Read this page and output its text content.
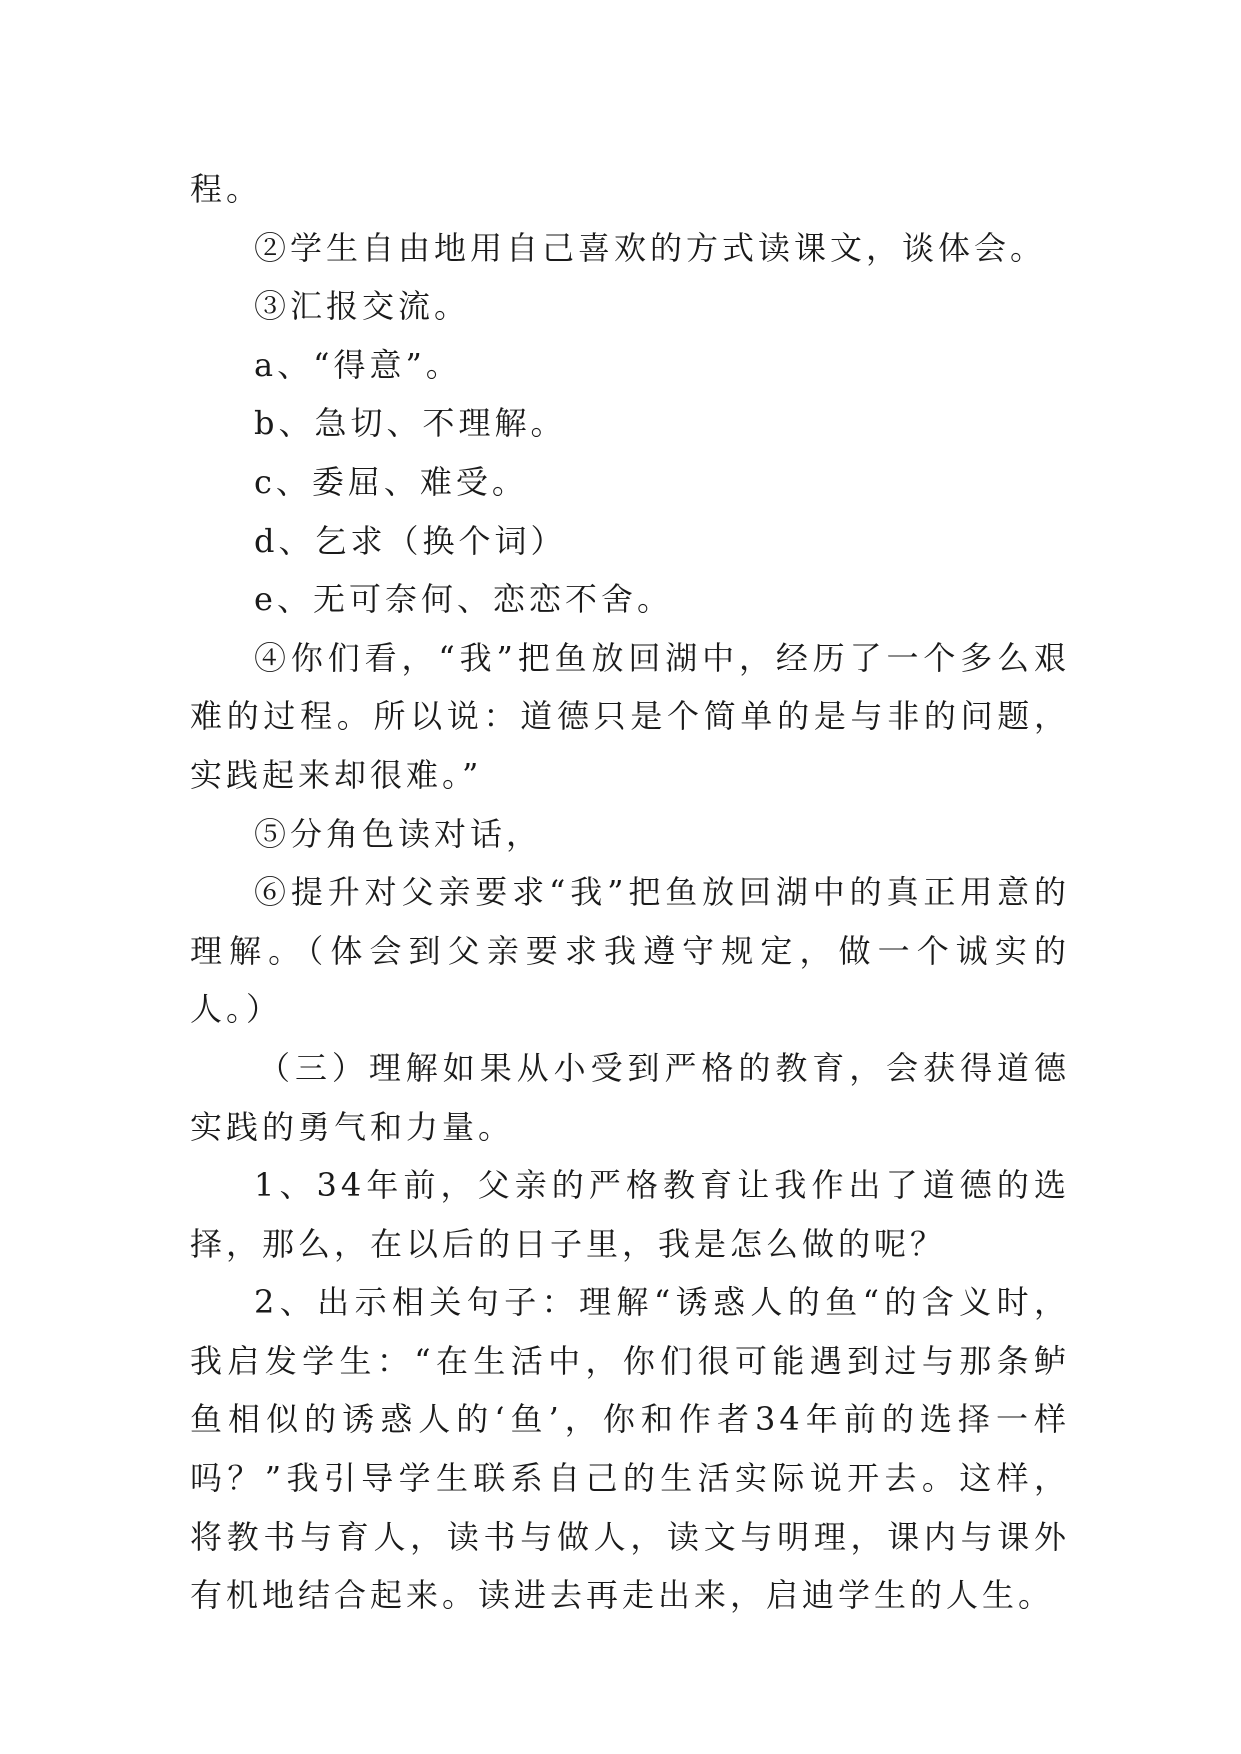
程。

②学生自由地用自己喜欢的方式读课文，谈体会。

③汇报交流。

a、“得意”。

b、急切、不理解。

c、委屈、难受。

d、乞求（换个词）

e、无可奈何、恋恋不舍。

④你们看，“我”把鱼放回湖中，经历了一个多么艰难的过程。所以说：道德只是个简单的是与非的问题，实践起来却很难。”

⑤分角色读对话，

⑥提升对父亲要求“我”把鱼放回湖中的真正用意的理解。（体会到父亲要求我遵守规定，做一个诚实的人。）

（三）理解如果从小受到严格的教育，会获得道德实践的勇气和力量。

1、34年前，父亲的严格教育让我作出了道德的选择，那么，在以后的日子里，我是怎么做的呢？

2、出示相关句子：理解“诱惑人的鱼“的含义时，我启发学生：“在生活中，你们很可能遇到过与那条鲈鱼相似的诱惑人的‘鱼’，你和作者34年前的选择一样吗？”我引导学生联系自己的生活实际说开去。这样，将教书与育人，读书与做人，读文与明理，课内与课外有机地结合起来。读进去再走出来，启迪学生的人生。
